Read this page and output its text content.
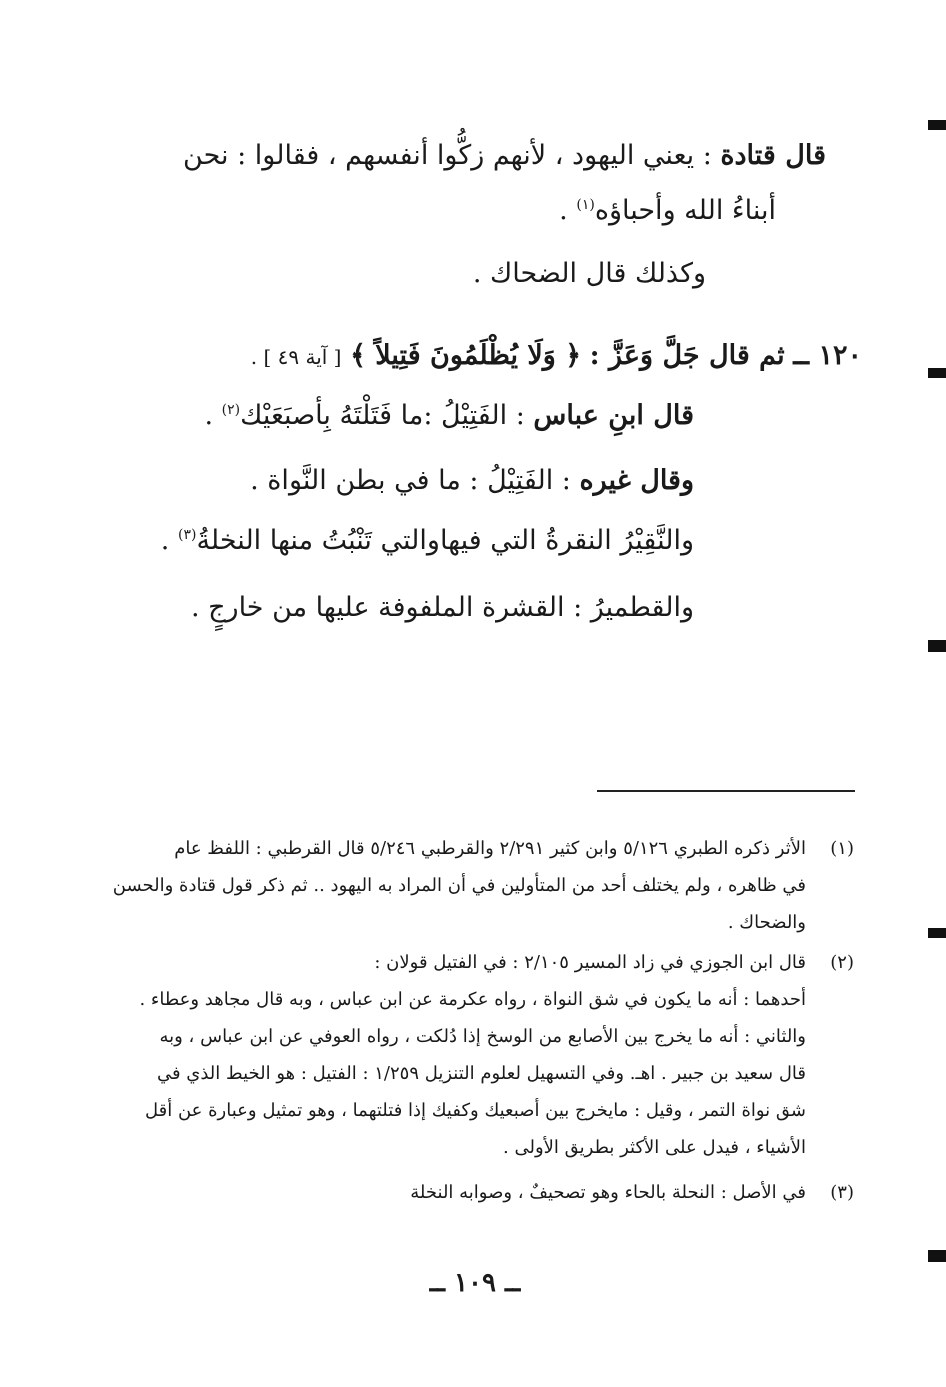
قال قتادة : يعني اليهود ، لأنهم زكُّوا أنفسهم ، فقالوا : نحن
أبناءُ الله وأحباؤه$^{(١)}$ .
وكذلك قال الضحاك .
١٢٠ ــ ثم قال جَلَّ وَعَزَّ : ﴿ وَلَا يُظْلَمُونَ فَتِيلاً ﴾ [ آية ٤٩ ] .
قال ابنِ عباس : الفَتِيْلُ :ما فَتَلْتَهُ بِأصبَعَيْك$^{(٢)}$ .
وقال غيره : الفَتِيْلُ : ما في بطن النَّواة .
والنَّقِيْرُ النقرةُ التي فيهاوالتي تَنْبُتُ منها النخلةُ$^{(٣)}$ .
والقطميرُ : القشرة الملفوفة عليها من خارجٍ .
(١)
الأثر ذكره الطبري ٥/١٢٦ وابن كثير ٢/٢٩١ والقرطبي ٥/٢٤٦ قال القرطبي : اللفظ عام
في ظاهره ، ولم يختلف أحد من المتأولين في أن المراد به اليهود .. ثم ذكر قول قتادة والحسن
والضحاك .
(٢)
قال ابن الجوزي في زاد المسير ٢/١٠٥ : في الفتيل قولان :
أحدهما : أنه ما يكون في شق النواة ، رواه عكرمة عن ابن عباس ، وبه قال مجاهد وعطاء .
والثاني : أنه ما يخرج بين الأصابع من الوسخ إذا دُلكت ، رواه العوفي عن ابن عباس ، وبه
قال سعيد بن جبير . اهـ. وفي التسهيل لعلوم التنزيل ١/٢٥٩ : الفتيل : هو الخيط الذي في
شق نواة التمر ، وقيل : مايخرج بين أصبعيك وكفيك إذا فتلتهما ، وهو تمثيل وعبارة عن أقل
الأشياء ، فيدل على الأكثر بطريق الأولى .
(٣)
في الأصل : النحلة بالحاء وهو تصحيفٌ ، وصوابه النخلة
ــ ١٠٩ ــ
